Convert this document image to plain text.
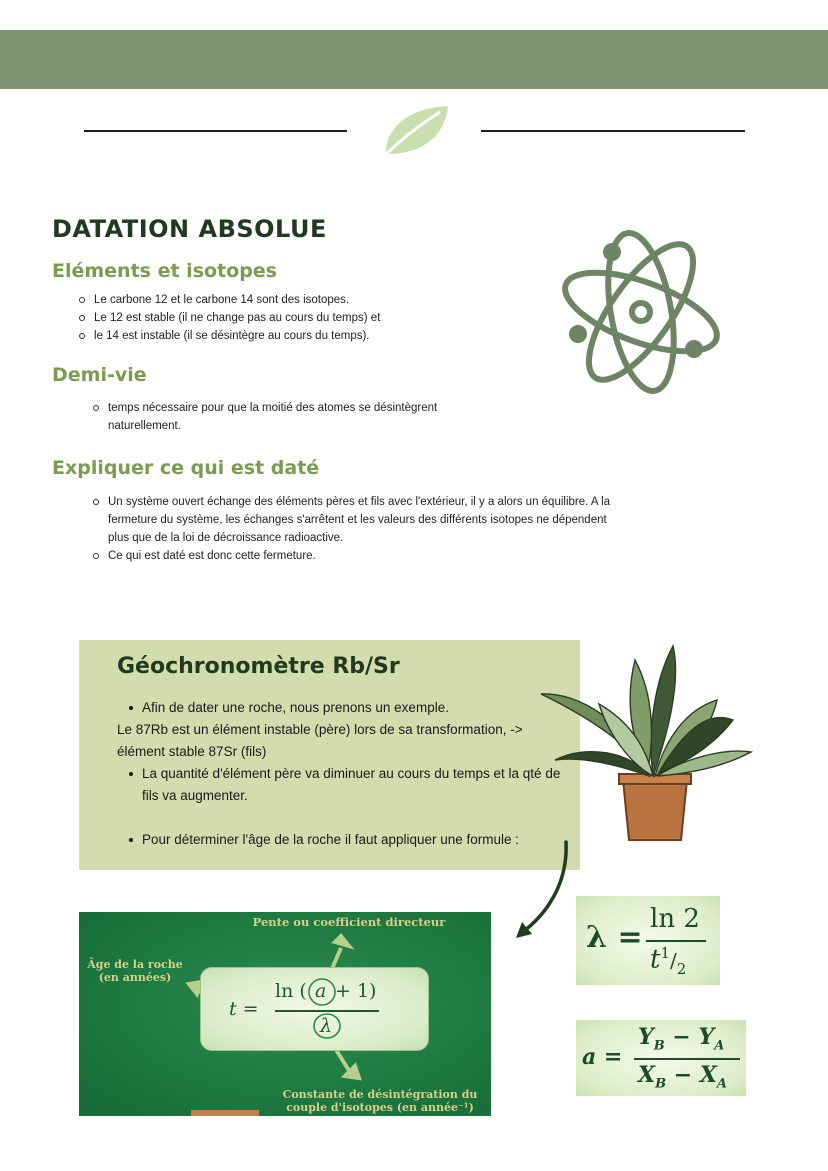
DATATION ABSOLUE
Eléments et isotopes
Le carbone 12 et le carbone 14 sont des isotopes.
Le 12 est stable (il ne change pas au cours du temps) et
le 14 est instable (il se désintègre au cours du temps).
Demi-vie
temps nécessaire pour que la moitié des atomes se désintègrent naturellement.
Expliquer ce qui est daté
Un système ouvert échange des éléments pères et fils avec l'extérieur, il y a alors un équilibre. A la fermeture du système, les échanges s'arrêtent et les valeurs des différents isotopes ne dépendent plus que de la loi de décroissance radioactive.
Ce qui est daté est donc cette fermeture.
Géochronomètre Rb/Sr

Afin de dater une roche, nous prenons un exemple.

Le 87Rb est un élément instable (père) lors de sa transformation, -> élément stable 87Sr (fils)

La quantité d'élément père va diminuer au cours du temps et la qté de fils va augmenter.

Pour déterminer l'âge de la roche il faut appliquer une formule :

Pente ou coefficient directeur
Âge de la roche (en années)
Constante de désintégration du couple d'isotopes (en année⁻¹)
t =
ln ( a + 1)
λ
λ =
ln 2
$t^1/_2$
a =
$Y_B - Y_A$
$X_B - X_A$
